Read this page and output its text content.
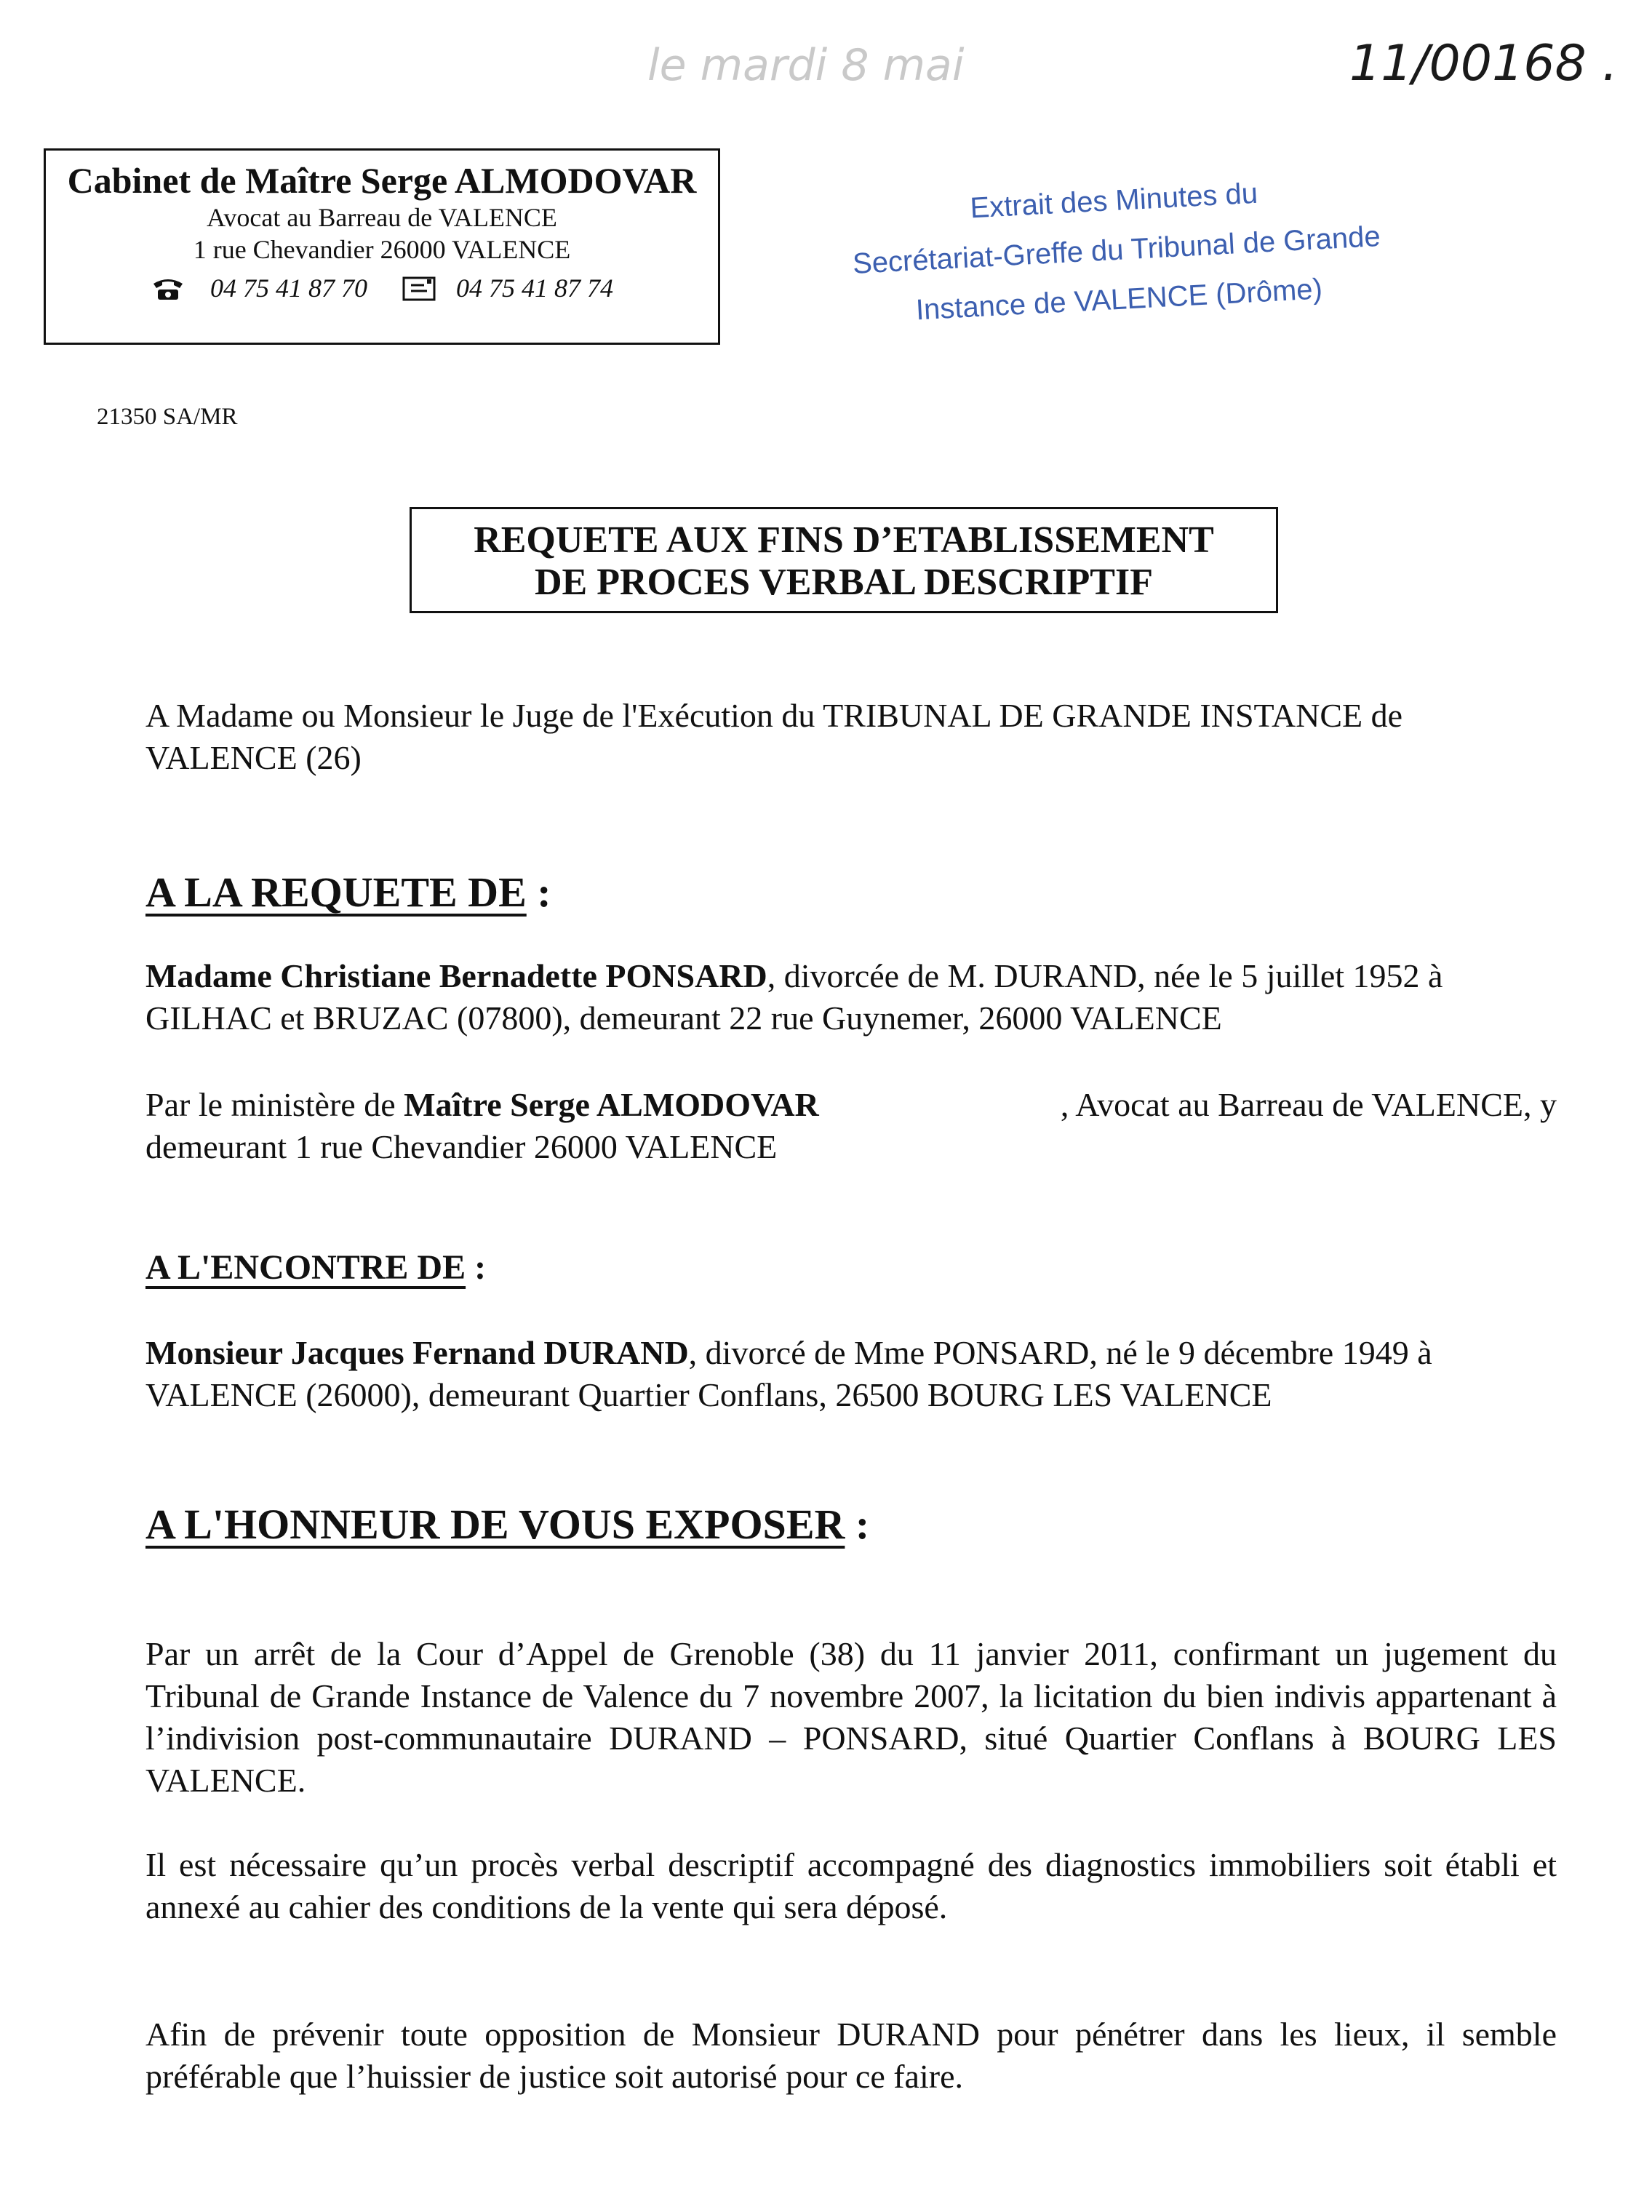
11/00168 .
le mardi 8 mai
Cabinet de Maître Serge ALMODOVAR
Avocat au Barreau de VALENCE
1 rue Chevandier 26000 VALENCE
04 75 41 87 70	04 75 41 87 74
Extrait des Minutes du
Secrétariat-Greffe du Tribunal de Grande
Instance de VALENCE (Drôme)
21350 SA/MR
REQUETE AUX FINS D’ETABLISSEMENT
DE PROCES VERBAL DESCRIPTIF
A Madame ou Monsieur le Juge de l'Exécution du TRIBUNAL DE GRANDE INSTANCE de VALENCE (26)
A LA REQUETE DE :
Madame Christiane Bernadette PONSARD, divorcée de M. DURAND, née le 5 juillet 1952 à
GILHAC et BRUZAC (07800), demeurant 22 rue Guynemer, 26000 VALENCE
Par le ministère de Maître Serge ALMODOVAR	, Avocat au Barreau de VALENCE, y
demeurant 1 rue Chevandier 26000 VALENCE
A L'ENCONTRE DE :
Monsieur Jacques Fernand DURAND, divorcé de Mme PONSARD, né le 9 décembre 1949 à
VALENCE (26000), demeurant Quartier Conflans, 26500 BOURG LES VALENCE
A L'HONNEUR DE VOUS EXPOSER :
Par un arrêt de la Cour d’Appel de Grenoble (38) du 11 janvier 2011, confirmant un jugement du Tribunal de Grande Instance de Valence du 7 novembre 2007, la licitation du bien indivis appartenant à l’indivision post-communautaire DURAND – PONSARD, situé Quartier Conflans à BOURG LES VALENCE.
Il est nécessaire qu’un procès verbal descriptif accompagné des diagnostics immobiliers soit établi et annexé au cahier des conditions de la vente qui sera déposé.
Afin de prévenir toute opposition de Monsieur DURAND pour pénétrer dans les lieux, il semble préférable que l’huissier de justice soit autorisé pour ce faire.
